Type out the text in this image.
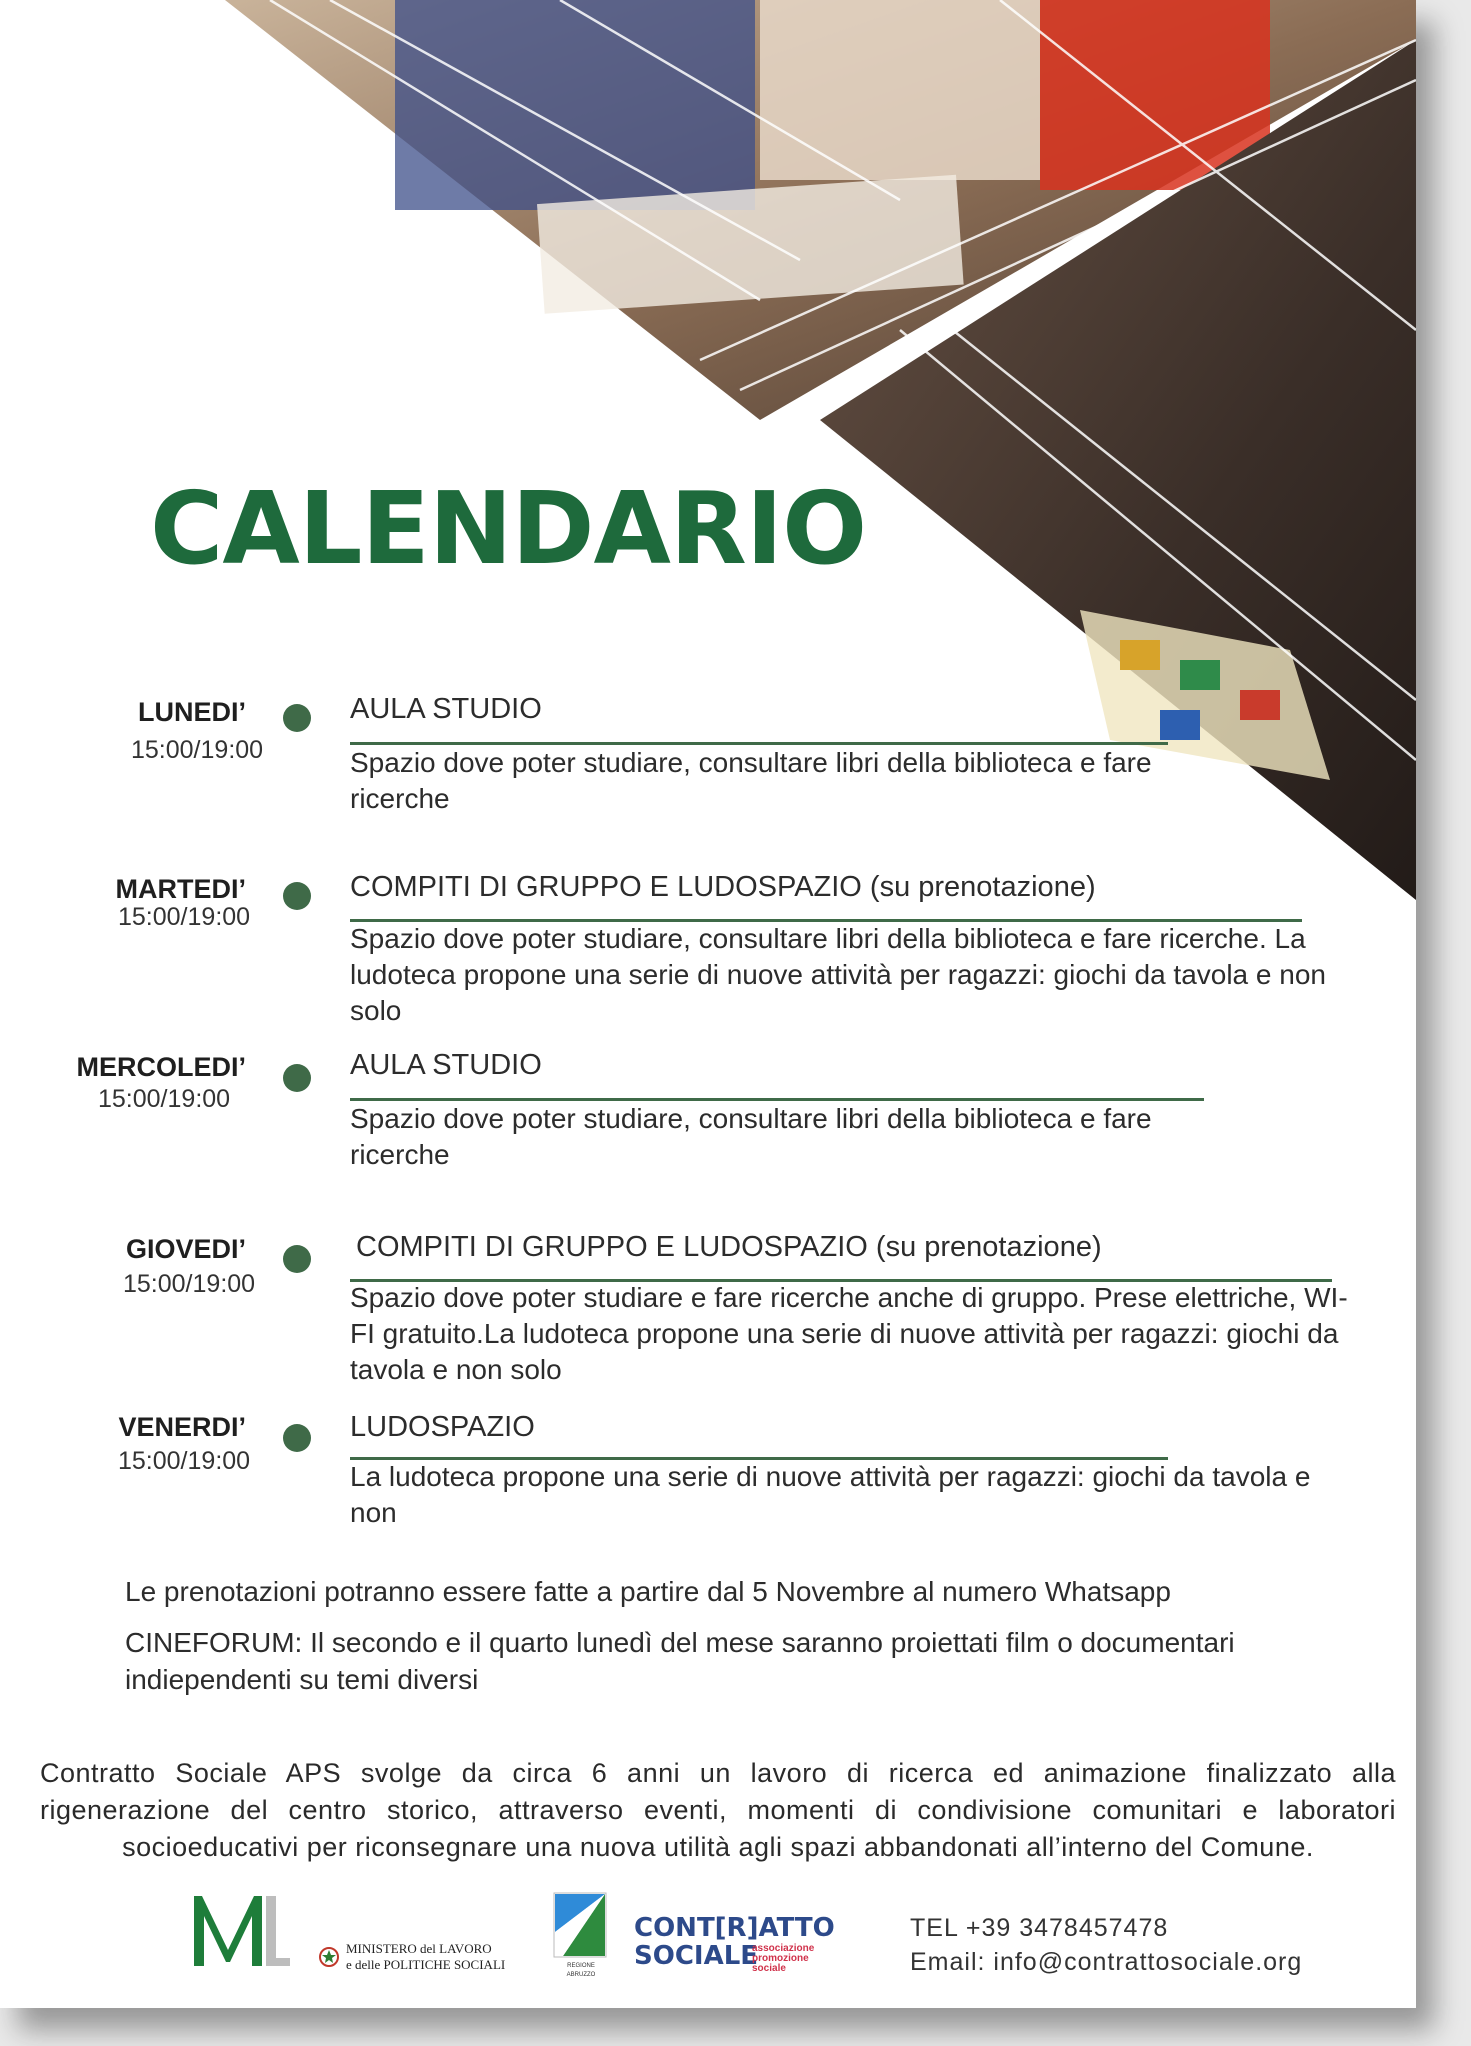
CALENDARIO
LUNEDI’
15:00/19:00
AULA STUDIO
Spazio dove poter studiare, consultare libri della biblioteca e fare ricerche
MARTEDI’
15:00/19:00
COMPITI DI GRUPPO E LUDOSPAZIO (su prenotazione)
Spazio dove poter studiare, consultare libri della biblioteca e fare ricerche. La ludoteca propone una serie di nuove attività per ragazzi: giochi da tavola e non solo
MERCOLEDI’
15:00/19:00
AULA STUDIO
Spazio dove poter studiare, consultare libri della biblioteca e fare ricerche
GIOVEDI’
15:00/19:00
COMPITI DI GRUPPO E LUDOSPAZIO (su prenotazione)
Spazio dove poter studiare e fare ricerche anche di gruppo. Prese elettriche, WI-FI gratuito.La ludoteca propone una serie di nuove attività per ragazzi: giochi da tavola e non solo
VENERDI’
15:00/19:00
LUDOSPAZIO
La ludoteca propone una serie di nuove attività per ragazzi: giochi da tavola e non
Le prenotazioni potranno essere fatte a partire dal 5 Novembre al numero Whatsapp
CINEFORUM: Il secondo e il quarto lunedì del mese saranno proiettati film o documentari indiependenti su temi diversi
Contratto Sociale APS svolge da circa 6 anni un lavoro di ricerca ed animazione finalizzato alla rigenerazione del centro storico, attraverso eventi, momenti di condivisione comunitari e laboratori socioeducativi per riconsegnare una nuova utilità agli spazi abbandonati all’interno del Comune.
MINISTERO del LAVORO
e delle POLITICHE SOCIALI	REGIONE
ABRUZZO
CONT[R]ATTO
SOCIALE
associazione
promozione
sociale
TEL +39 3478457478
Email: info@contrattosociale.org
